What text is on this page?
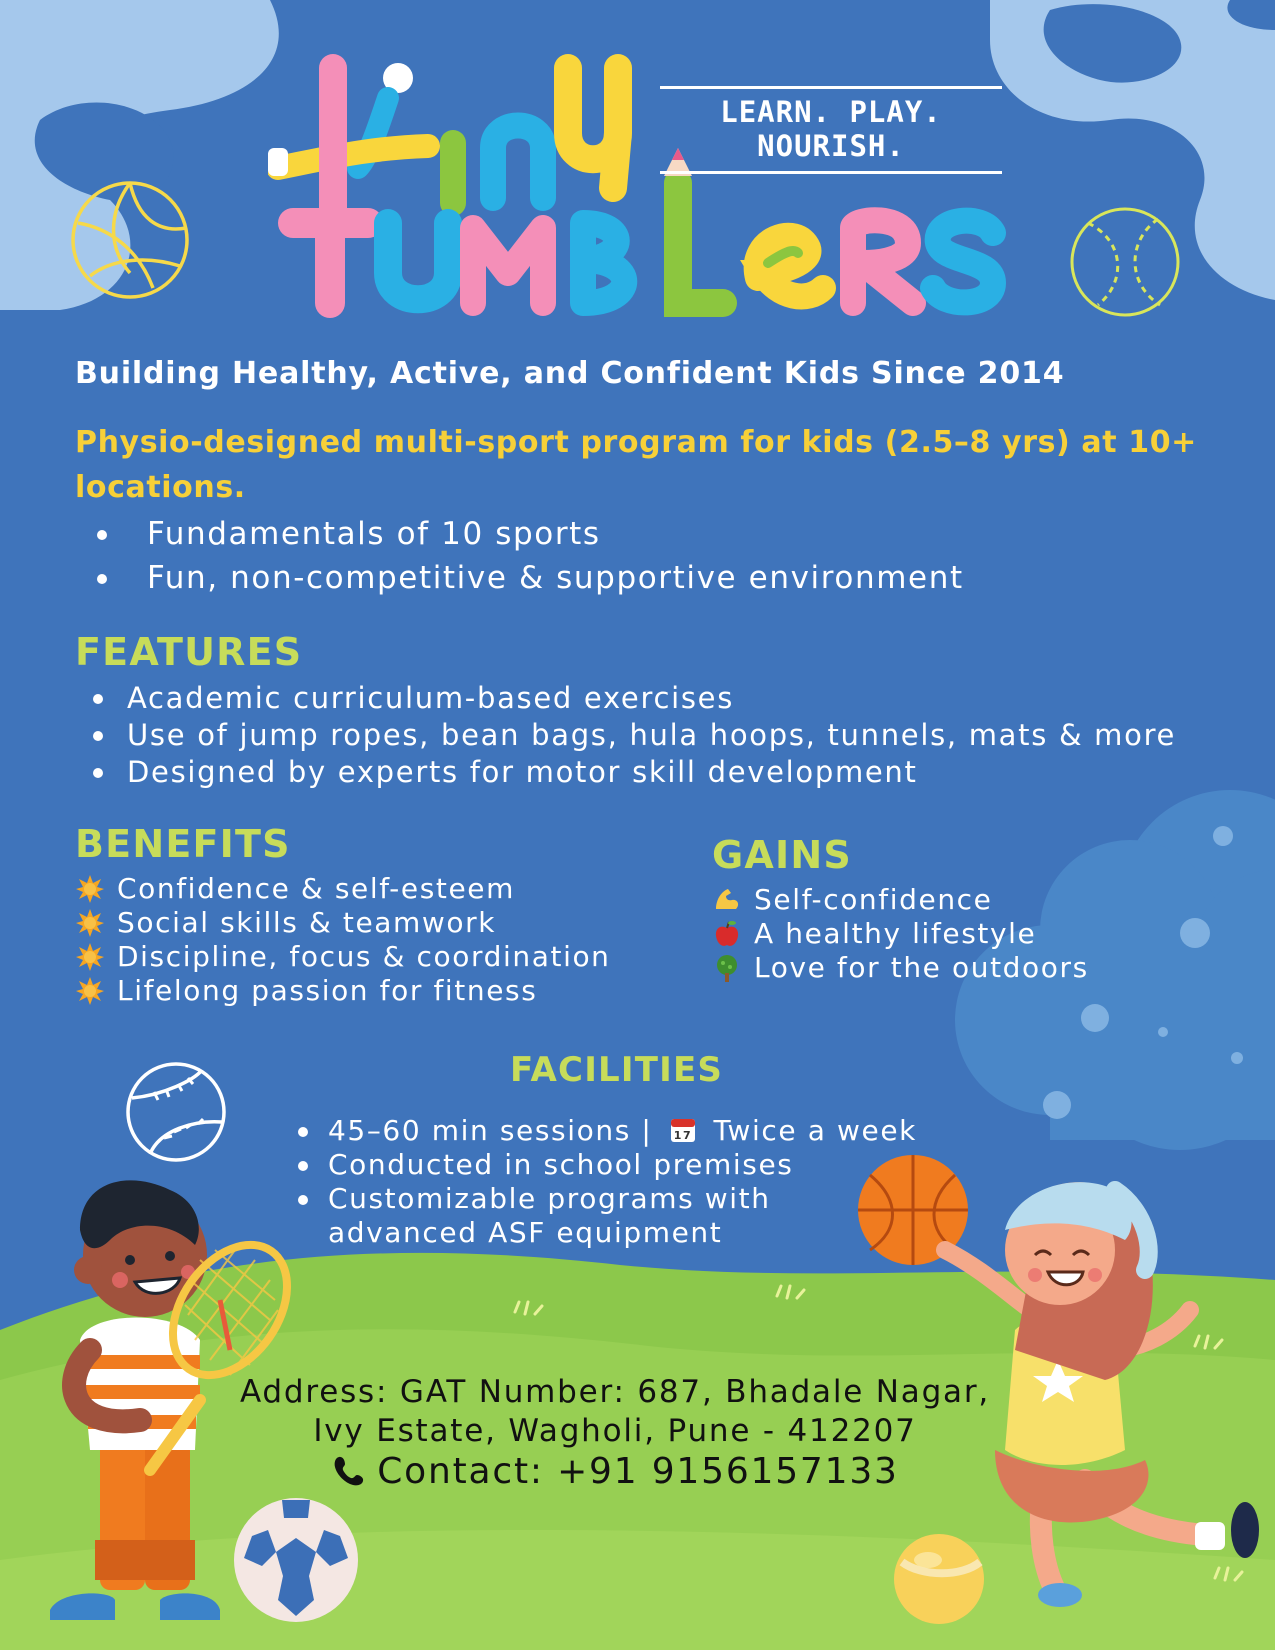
LEARN. PLAY. NOURISH.
Building Healthy, Active, and Confident Kids Since 2014
Physio-designed multi-sport program for kids (2.5–8 yrs) at 10+ locations.
Fundamentals of 10 sports
Fun, non-competitive & supportive environment
FEATURES
Academic curriculum-based exercises
Use of jump ropes, bean bags, hula hoops, tunnels, mats & more
Designed by experts for motor skill development
BENEFITS
Confidence & self-esteem
Social skills & teamwork
Discipline, focus & coordination
Lifelong passion for fitness
GAINS
Self-confidence
A healthy lifestyle
Love for the outdoors
FACILITIES
45–60 min sessions | 17 Twice a week
Conducted in school premises
Customizable programs with advanced ASF equipment
Address: GAT Number: 687, Bhadale Nagar,
Ivy Estate, Wagholi, Pune - 412207
Contact: +91 9156157133
